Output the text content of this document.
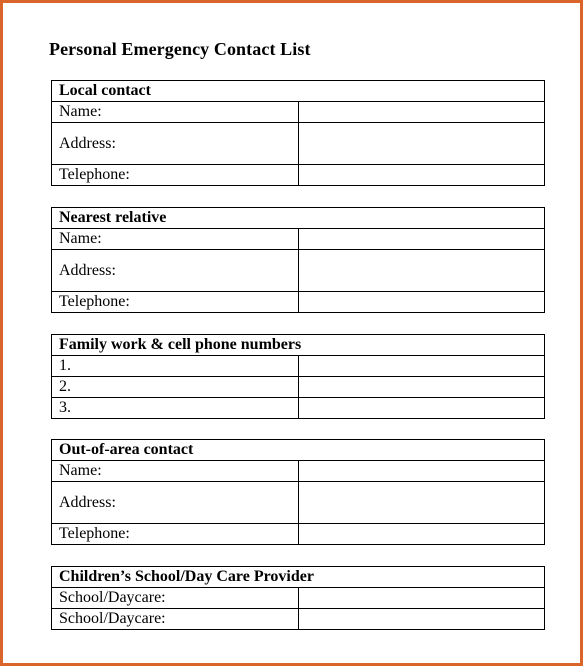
Personal Emergency Contact List
Local contact	
Name:	
Address:	
Telephone:	
Nearest relative	
Name:	
Address:	
Telephone:	
Family work & cell phone numbers	
1.	
2.	
3.	
Out-of-area contact	
Name:	
Address:	
Telephone:	
Children’s School/Day Care Provider	
School/Daycare:	
School/Daycare:	
